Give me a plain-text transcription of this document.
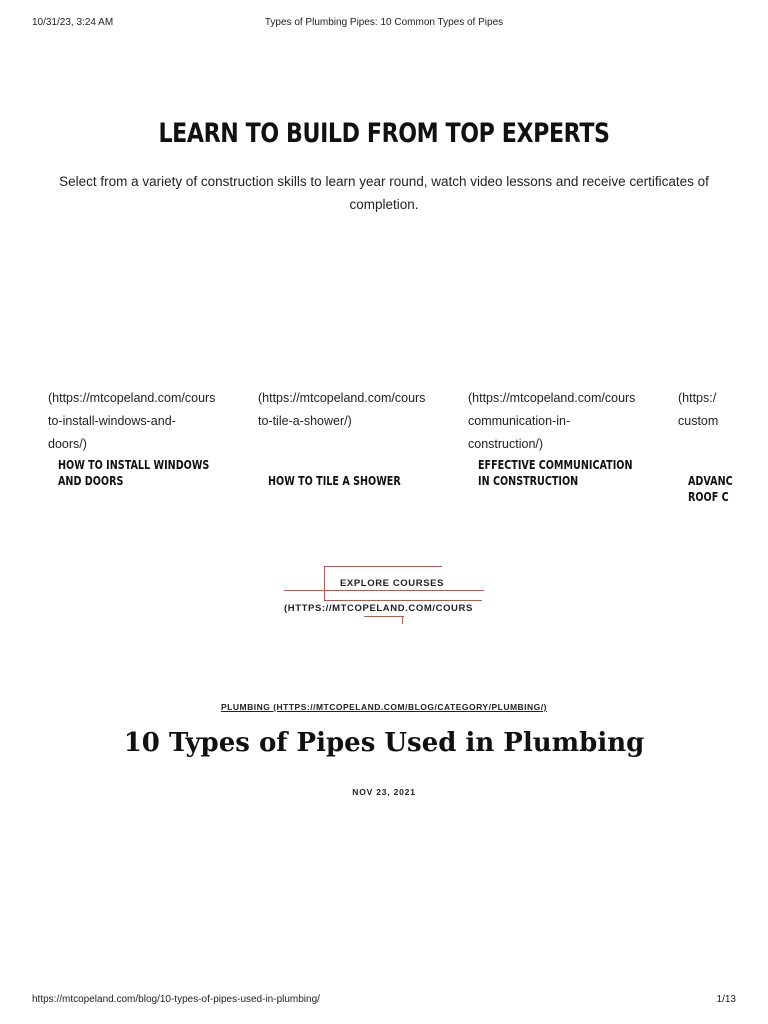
10/31/23, 3:24 AM	Types of Plumbing Pipes: 10 Common Types of Pipes
LEARN TO BUILD FROM TOP EXPERTS
Select from a variety of construction skills to learn year round, watch video lessons and receive certificates of completion.
(https://mtcopeland.com/cours
to-install-windows-and-
doors/)
HOW TO INSTALL WINDOWS AND DOORS
(https://mtcopeland.com/cours
to-tile-a-shower/)
HOW TO TILE A SHOWER
(https://mtcopeland.com/cours
communication-in-
construction/)
EFFECTIVE COMMUNICATION IN CONSTRUCTION
(https:/
custom
ADVANC ROOF C
EXPLORE COURSES
(HTTPS://MTCOPELAND.COM/COURS
PLUMBING (HTTPS://MTCOPELAND.COM/BLOG/CATEGORY/PLUMBING/)
10 Types of Pipes Used in Plumbing
NOV 23, 2021
https://mtcopeland.com/blog/10-types-of-pipes-used-in-plumbing/	1/13
